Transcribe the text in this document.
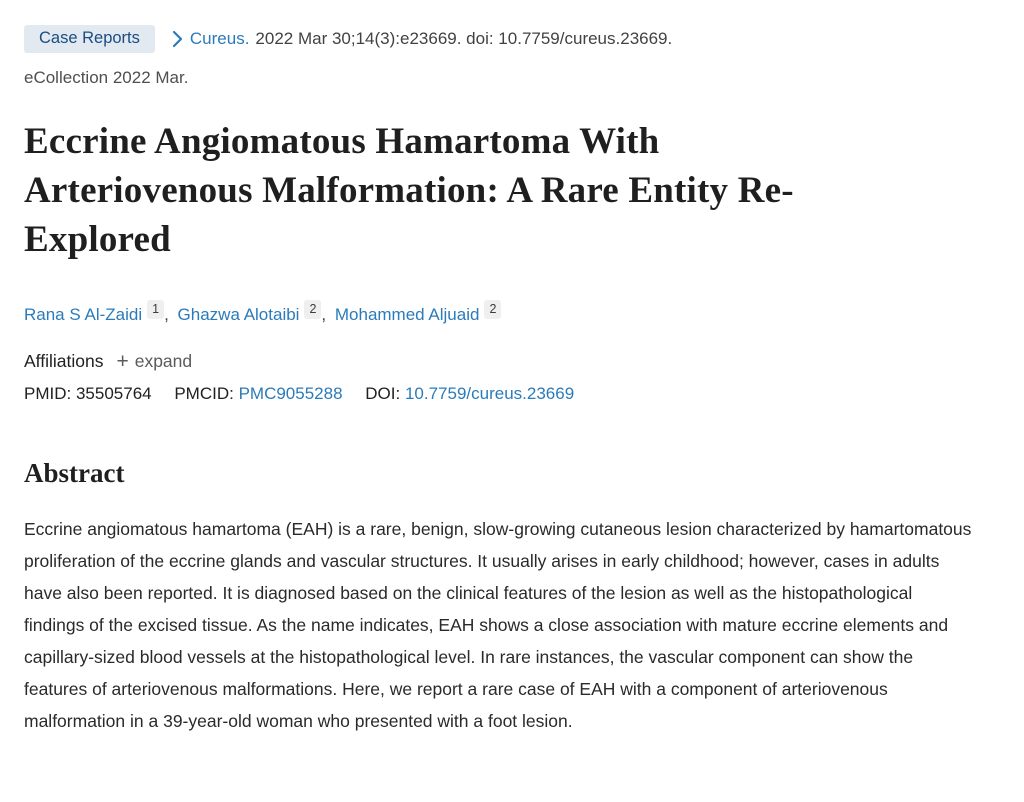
Case Reports	Cureus. 2022 Mar 30;14(3):e23669. doi: 10.7759/cureus.23669.
eCollection 2022 Mar.
Eccrine Angiomatous Hamartoma With
Arteriovenous Malformation: A Rare Entity Re-
Explored
Rana S Al-Zaidi $^1$ , Ghazwa Alotaibi $^2$ , Mohammed Aljuaid $^2$
Affiliations + expand
PMID: 35505764 PMCID: PMC9055288 DOI: 10.7759/cureus.23669
Abstract

Eccrine angiomatous hamartoma (EAH) is a rare, benign, slow-growing cutaneous lesion characterized by hamartomatous proliferation of the eccrine glands and vascular structures. It usually arises in early childhood; however, cases in adults have also been reported. It is diagnosed based on the clinical features of the lesion as well as the histopathological findings of the excised tissue. As the name indicates, EAH shows a close association with mature eccrine elements and capillary-sized blood vessels at the histopathological level. In rare instances, the vascular component can show the features of arteriovenous malformations. Here, we report a rare case of EAH with a component of arteriovenous malformation in a 39-year-old woman who presented with a foot lesion.
